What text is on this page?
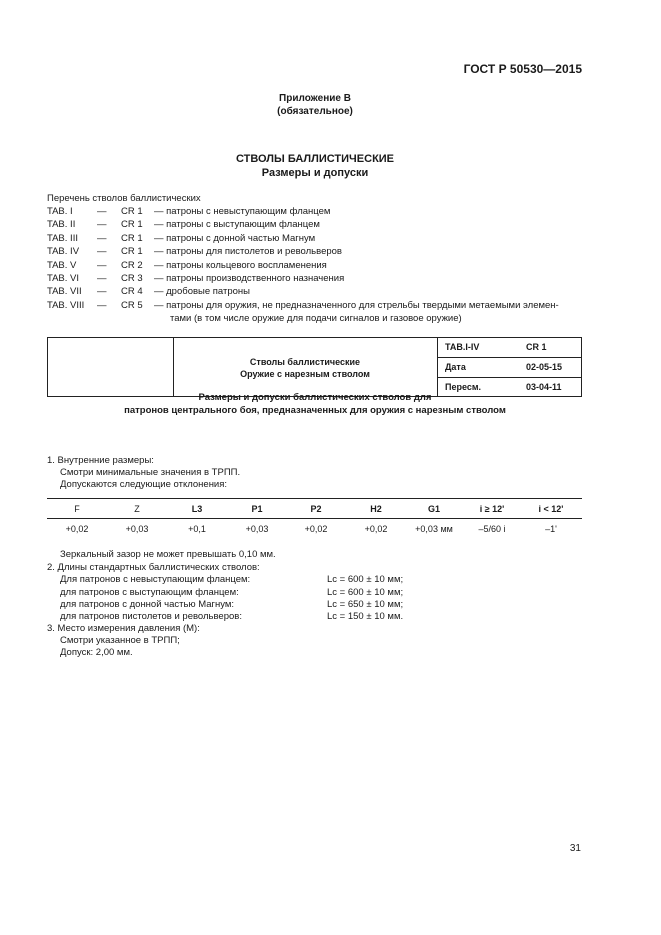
ГОСТ Р 50530—2015
Приложение В
(обязательное)
СТВОЛЫ БАЛЛИСТИЧЕСКИЕ
Размеры и допуски
Перечень стволов баллистических
TAB. I	— CR 1 — патроны с невыступающим фланцем
TAB. II — CR 1 — патроны с выступающим фланцем
TAB. III — CR 1 — патроны с донной частью Магнум
TAB. IV — CR 1 — патроны для пистолетов и револьверов
TAB. V — CR 2 — патроны кольцевого воспламенения
TAB. VI — CR 3 — патроны производственного назначения
TAB. VII — CR 4 — дробовые патроны
TAB. VIII — CR 5 — патроны для оружия, не предназначенного для стрельбы твердыми метаемыми элемен-
тами (в том числе оружие для подачи сигналов и газовое оружие)
Стволы баллистические
Оружие с нарезным стволом
TAB.I-IV	CR 1
Дата	02-05-15
Пересм.	03-04-11
Размеры и допуски баллистических стволов для
патронов центрального боя, предназначенных для оружия с нарезным стволом
1. Внутренние размеры:
Смотри минимальные значения в ТРПП.
Допускаются следующие отклонения:
F	Z	L3	P1	P2	H2	G1	i ≥ 12'	i < 12'
+0,02	+0,03	+0,1	+0,03	+0,02	+0,02	+0,03 мм	–5/60 i	–1'
Зеркальный зазор не может превышать 0,10 мм.
2. Длины стандартных баллистических стволов:
Для патронов с невыступающим фланцем:	Lс = 600 ± 10 мм;
для патронов с выступающим фланцем:	Lс = 600 ± 10 мм;
для патронов с донной частью Магнум:	Lс = 650 ± 10 мм;
для патронов пистолетов и револьверов:	Lс = 150 ± 10 мм.
3. Место измерения давления (М):
Смотри указанное в ТРПП;
Допуск: 2,00 мм.
31
